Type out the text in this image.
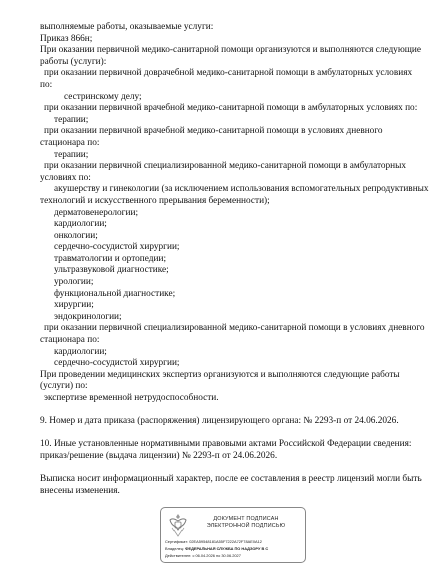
выполняемые работы, оказываемые услуги:
Приказ 866н;
При оказании первичной медико-санитарной помощи организуются и выполняются следующие
работы (услуги):
при оказании первичной доврачебной медико-санитарной помощи в амбулаторных условиях
по:
сестринскому делу;
при оказании первичной врачебной медико-санитарной помощи в амбулаторных условиях по:
терапии;
при оказании первичной врачебной медико-санитарной помощи в условиях дневного
стационара по:
терапии;
при оказании первичной специализированной медико-санитарной помощи в амбулаторных
условиях по:
акушерству и гинекологии (за исключением использования вспомогательных репродуктивных
технологий и искусственного прерывания беременности);
дерматовенерологии;
кардиологии;
онкологии;
сердечно-сосудистой хирургии;
травматологии и ортопедии;
ультразвуковой диагностике;
урологии;
функциональной диагностике;
хирургии;
эндокринологии;
при оказании первичной специализированной медико-санитарной помощи в условиях дневного
стационара по:
кардиологии;
сердечно-сосудистой хирургии;
При проведении медицинских экспертиз организуются и выполняются следующие работы
(услуги) по:
экспертизе временной нетрудоспособности.
9. Номер и дата приказа (распоряжения) лицензирующего органа: № 2293-п от 24.06.2026.
10. Иные установленные нормативными правовыми актами Российской Федерации сведения:
приказ/решение (выдача лицензии) № 2293-п от 24.06.2026.
Выписка носит информационный характер, после ее составления в реестр лицензий могли быть
внесены изменения.
ДОКУМЕНТ ПОДПИСАН
ЭЛЕКТРОННОЙ ПОДПИСЬЮ
Сертификат: 02EA59548181A55F7222A72F78AE0A12
Владелец: ФЕДЕРАЛЬНАЯ СЛУЖБА ПО НАДЗОРУ В С
Действителен: с 06.04.2026 по 30.06.2027
